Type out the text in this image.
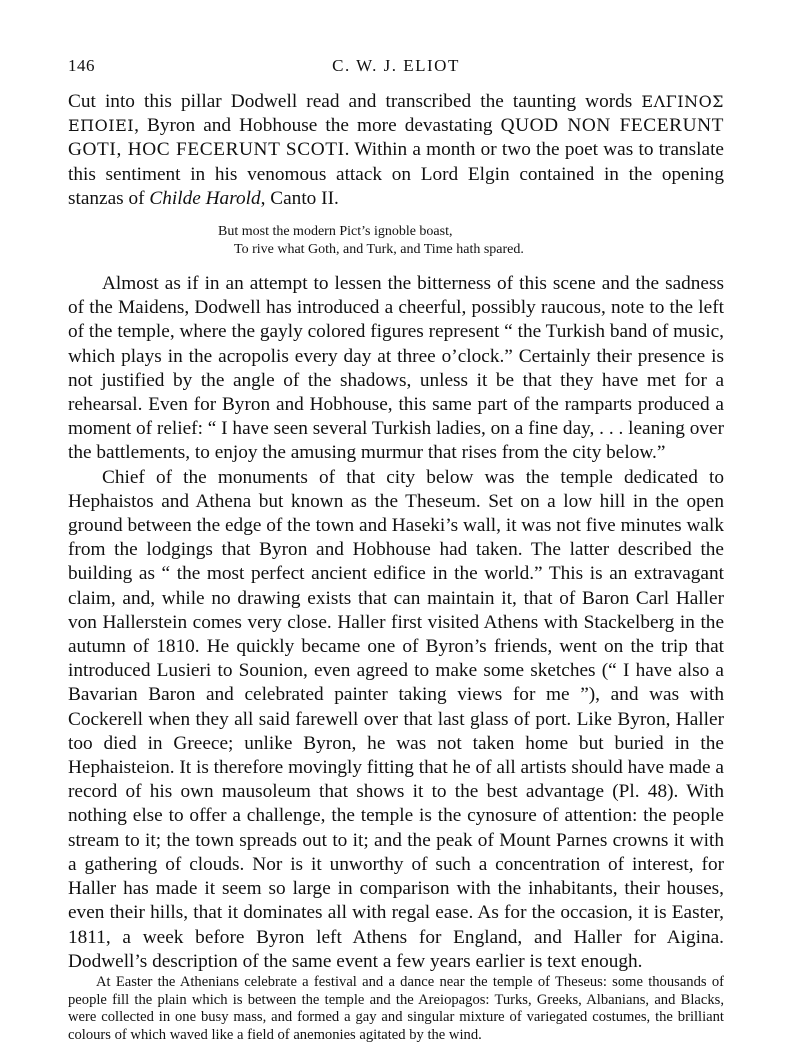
146	C. W. J. ELIOT

Cut into this pillar Dodwell read and transcribed the taunting words ΕΛΓΙΝΟΣ ΕΠΟΙΕΙ, Byron and Hobhouse the more devastating QUOD NON FECERUNT GOTI, HOC FECERUNT SCOTI. Within a month or two the poet was to translate this sentiment in his venomous attack on Lord Elgin contained in the opening stanzas of Childe Harold, Canto II.

But most the modern Pict’s ignoble boast,
To rive what Goth, and Turk, and Time hath spared.

Almost as if in an attempt to lessen the bitterness of this scene and the sadness of the Maidens, Dodwell has introduced a cheerful, possibly raucous, note to the left of the temple, where the gayly colored figures represent “ the Turkish band of music, which plays in the acropolis every day at three o’clock.” Certainly their presence is not justified by the angle of the shadows, unless it be that they have met for a rehearsal. Even for Byron and Hobhouse, this same part of the ramparts produced a moment of relief: “ I have seen several Turkish ladies, on a fine day, . . . leaning over the battlements, to enjoy the amusing murmur that rises from the city below.”

Chief of the monuments of that city below was the temple dedicated to Hephaistos and Athena but known as the Theseum. Set on a low hill in the open ground between the edge of the town and Haseki’s wall, it was not five minutes walk from the lodgings that Byron and Hobhouse had taken. The latter described the building as “ the most perfect ancient edifice in the world.” This is an extravagant claim, and, while no drawing exists that can maintain it, that of Baron Carl Haller von Hallerstein comes very close. Haller first visited Athens with Stackelberg in the autumn of 1810. He quickly became one of Byron’s friends, went on the trip that introduced Lusieri to Sounion, even agreed to make some sketches (“ I have also a Bavarian Baron and celebrated painter taking views for me ”), and was with Cockerell when they all said farewell over that last glass of port. Like Byron, Haller too died in Greece; unlike Byron, he was not taken home but buried in the Hephaisteion. It is therefore movingly fitting that he of all artists should have made a record of his own mausoleum that shows it to the best advantage (Pl. 48). With nothing else to offer a challenge, the temple is the cynosure of attention: the people stream to it; the town spreads out to it; and the peak of Mount Parnes crowns it with a gathering of clouds. Nor is it unworthy of such a concentration of interest, for Haller has made it seem so large in comparison with the inhabitants, their houses, even their hills, that it dominates all with regal ease. As for the occasion, it is Easter, 1811, a week before Byron left Athens for England, and Haller for Aigina. Dodwell’s description of the same event a few years earlier is text enough.

At Easter the Athenians celebrate a festival and a dance near the temple of Theseus: some thousands of people fill the plain which is between the temple and the Areiopagos: Turks, Greeks, Albanians, and Blacks, were collected in one busy mass, and formed a gay and singular mixture of variegated costumes, the brilliant colours of which waved like a field of anemonies agitated by the wind.
